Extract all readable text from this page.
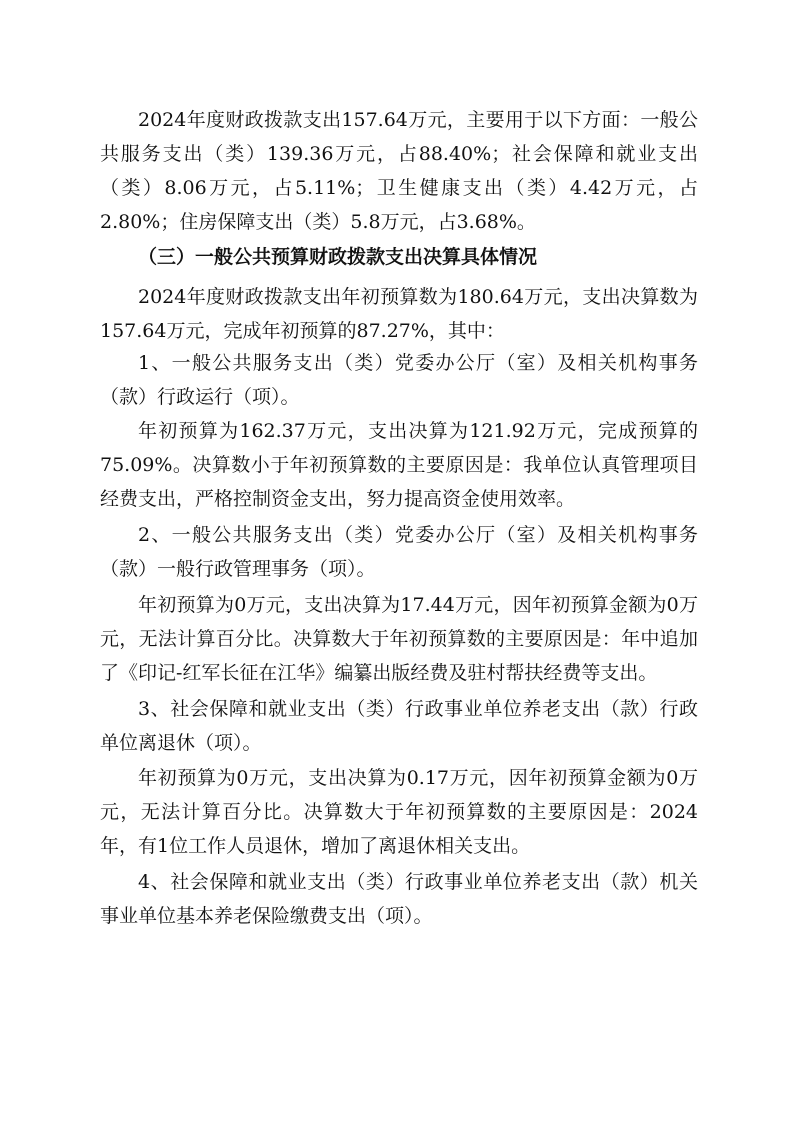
2024年度财政拨款支出157.64万元，主要用于以下方面：一般公共服务支出（类）139.36万元，占88.40%；社会保障和就业支出（类）8.06万元，占5.11%；卫生健康支出（类）4.42万元，占2.80%；住房保障支出（类）5.8万元，占3.68%。

（三）一般公共预算财政拨款支出决算具体情况

2024年度财政拨款支出年初预算数为180.64万元，支出决算数为157.64万元，完成年初预算的87.27%，其中：

1、一般公共服务支出（类）党委办公厅（室）及相关机构事务（款）行政运行（项）。

年初预算为162.37万元，支出决算为121.92万元，完成预算的75.09%。决算数小于年初预算数的主要原因是：我单位认真管理项目经费支出，严格控制资金支出，努力提高资金使用效率。

2、一般公共服务支出（类）党委办公厅（室）及相关机构事务（款）一般行政管理事务（项）。

年初预算为0万元，支出决算为17.44万元，因年初预算金额为0万元，无法计算百分比。决算数大于年初预算数的主要原因是：年中追加了《印记-红军长征在江华》编纂出版经费及驻村帮扶经费等支出。

3、社会保障和就业支出（类）行政事业单位养老支出（款）行政单位离退休（项）。

年初预算为0万元，支出决算为0.17万元，因年初预算金额为0万元，无法计算百分比。决算数大于年初预算数的主要原因是：2024年，有1位工作人员退休，增加了离退休相关支出。

4、社会保障和就业支出（类）行政事业单位养老支出（款）机关事业单位基本养老保险缴费支出（项）。
